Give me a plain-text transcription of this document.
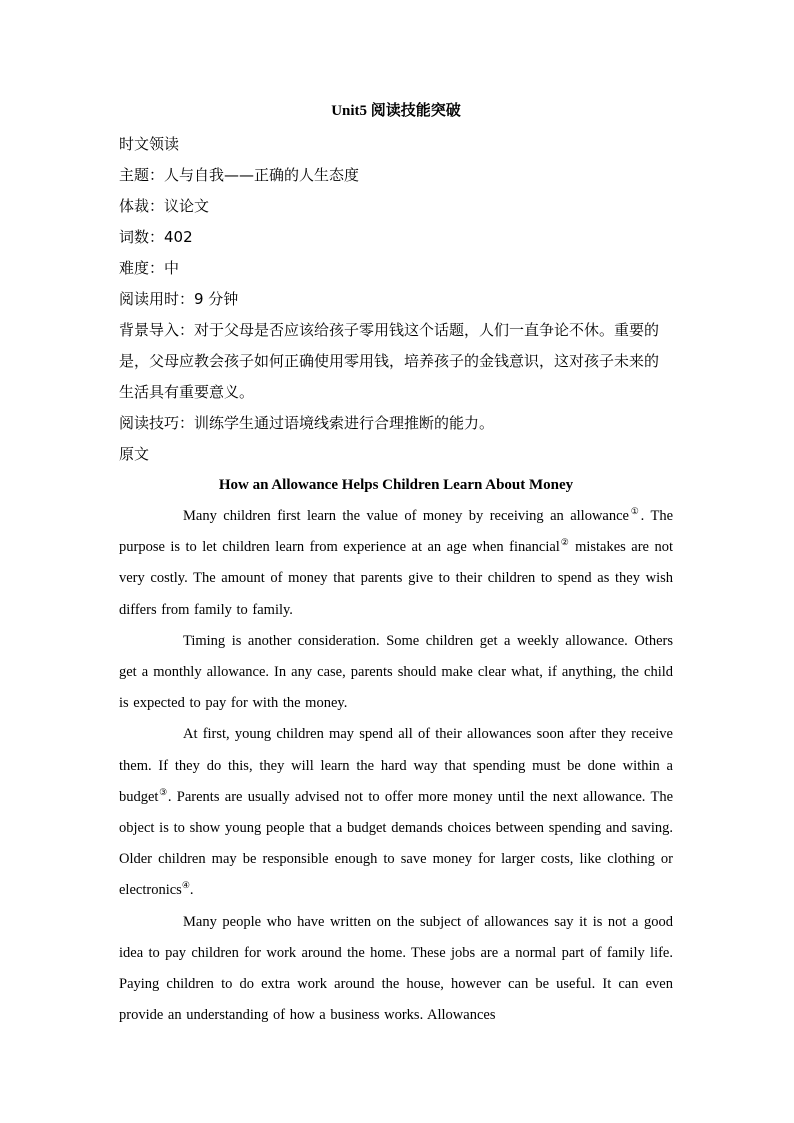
Unit5 阅读技能突破

时文领读

主题：人与自我——正确的人生态度

体裁：议论文

词数：402

难度：中

阅读用时：9 分钟

背景导入：对于父母是否应该给孩子零用钱这个话题，人们一直争论不休。重要的是，父母应教会孩子如何正确使用零用钱，培养孩子的金钱意识，这对孩子未来的生活具有重要意义。

阅读技巧：训练学生通过语境线索进行合理推断的能力。

原文

How an Allowance Helps Children Learn About Money

Many children first learn the value of money by receiving an allowance①. The purpose is to let children learn from experience at an age when financial② mistakes are not very costly. The amount of money that parents give to their children to spend as they wish differs from family to family.

Timing is another consideration. Some children get a weekly allowance. Others get a monthly allowance. In any case, parents should make clear what, if anything, the child is expected to pay for with the money.

At first, young children may spend all of their allowances soon after they receive them. If they do this, they will learn the hard way that spending must be done within a budget③. Parents are usually advised not to offer more money until the next allowance. The object is to show young people that a budget demands choices between spending and saving. Older children may be responsible enough to save money for larger costs, like clothing or electronics④.

Many people who have written on the subject of allowances say it is not a good idea to pay children for work around the home. These jobs are a normal part of family life. Paying children to do extra work around the house, however can be useful. It can even provide an understanding of how a business works. Allowances
